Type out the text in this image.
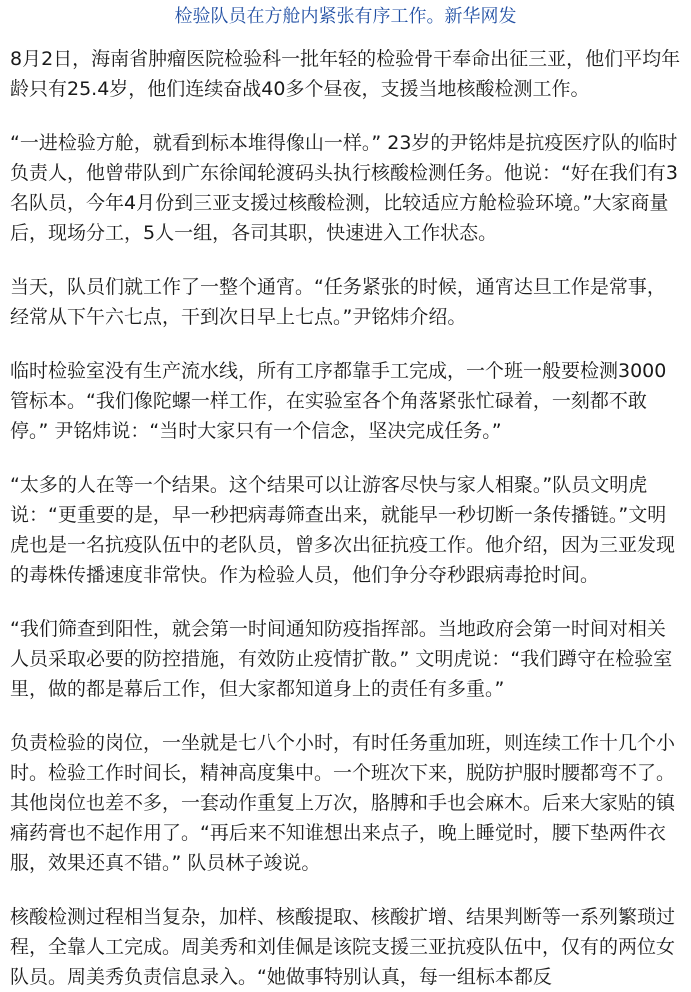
检验队员在方舱内紧张有序工作。新华网发

8月2日，海南省肿瘤医院检验科一批年轻的检验骨干奉命出征三亚，他们平均年龄只有25.4岁，他们连续奋战40多个昼夜，支援当地核酸检测工作。

“一进检验方舱，就看到标本堆得像山一样。” 23岁的尹铭炜是抗疫医疗队的临时负责人，他曾带队到广东徐闻轮渡码头执行核酸检测任务。他说：“好在我们有3名队员，今年4月份到三亚支援过核酸检测，比较适应方舱检验环境。”大家商量后，现场分工，5人一组，各司其职，快速进入工作状态。

当天，队员们就工作了一整个通宵。“任务紧张的时候，通宵达旦工作是常事，经常从下午六七点，干到次日早上七点。”尹铭炜介绍。

临时检验室没有生产流水线，所有工序都靠手工完成，一个班一般要检测3000管标本。“我们像陀螺一样工作，在实验室各个角落紧张忙碌着，一刻都不敢停。” 尹铭炜说：“当时大家只有一个信念，坚决完成任务。”

“太多的人在等一个结果。这个结果可以让游客尽快与家人相聚。”队员文明虎说：“更重要的是，早一秒把病毒筛查出来，就能早一秒切断一条传播链。”文明虎也是一名抗疫队伍中的老队员，曾多次出征抗疫工作。他介绍，因为三亚发现的毒株传播速度非常快。作为检验人员，他们争分夺秒跟病毒抢时间。

“我们筛查到阳性，就会第一时间通知防疫指挥部。当地政府会第一时间对相关人员采取必要的防控措施，有效防止疫情扩散。” 文明虎说：“我们蹲守在检验室里，做的都是幕后工作，但大家都知道身上的责任有多重。”

负责检验的岗位，一坐就是七八个小时，有时任务重加班，则连续工作十几个小时。检验工作时间长，精神高度集中。一个班次下来，脱防护服时腰都弯不了。其他岗位也差不多，一套动作重复上万次，胳膊和手也会麻木。后来大家贴的镇痛药膏也不起作用了。“再后来不知谁想出来点子，晚上睡觉时，腰下垫两件衣服，效果还真不错。” 队员林子竣说。

核酸检测过程相当复杂，加样、核酸提取、核酸扩增、结果判断等一系列繁琐过程，全靠人工完成。周美秀和刘佳佩是该院支援三亚抗疫队伍中，仅有的两位女队员。周美秀负责信息录入。“她做事特别认真，每一组标本都反
